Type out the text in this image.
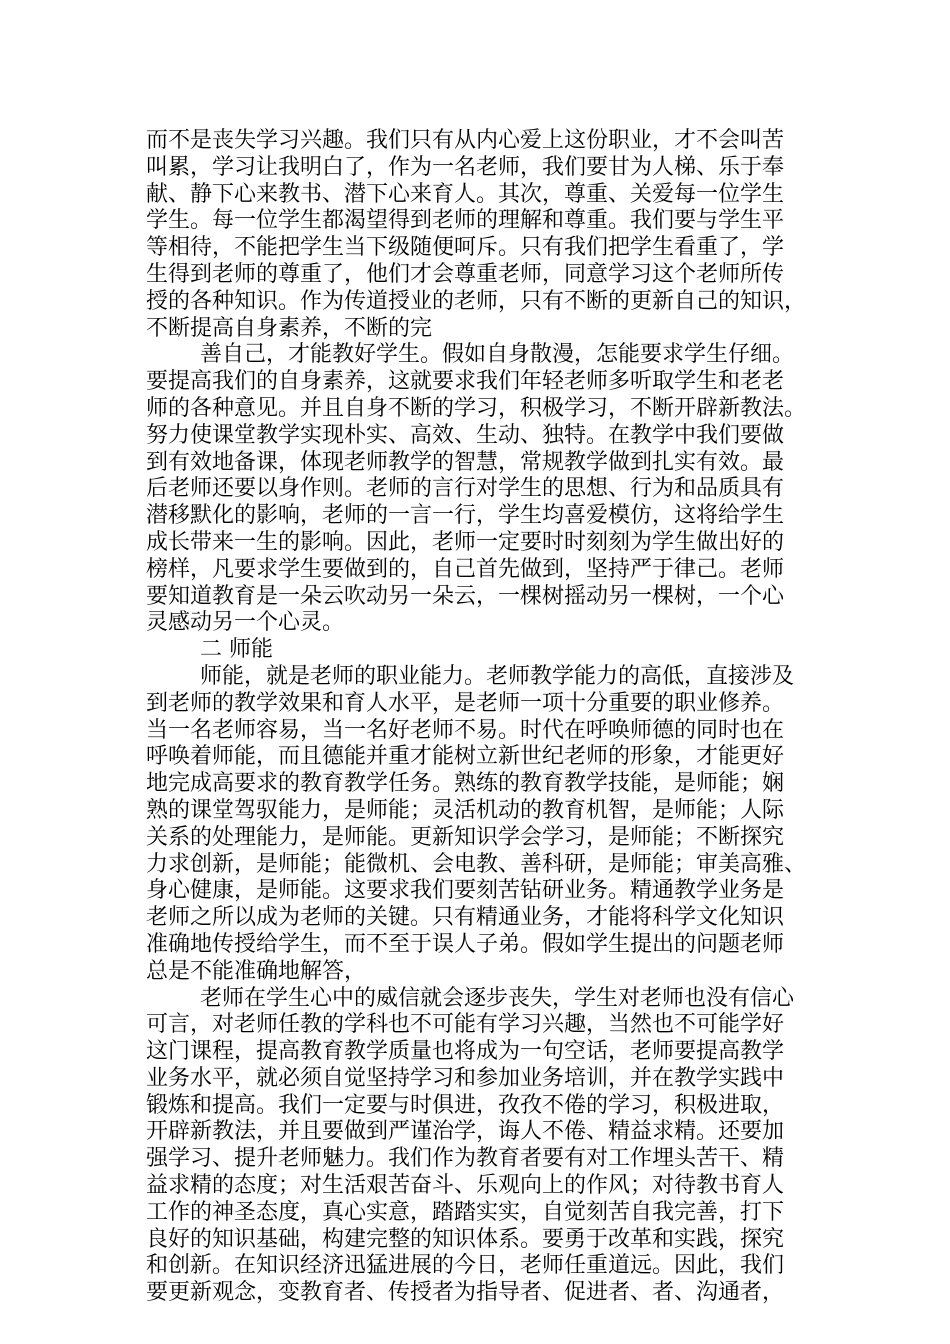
而不是丧失学习兴趣。我们只有从内心爱上这份职业，才不会叫苦

叫累，学习让我明白了，作为一名老师，我们要甘为人梯、乐于奉

献、静下心来教书、潜下心来育人。其次，尊重、关爱每一位学生

学生。每一位学生都渴望得到老师的理解和尊重。我们要与学生平

等相待，不能把学生当下级随便呵斥。只有我们把学生看重了，学

生得到老师的尊重了，他们才会尊重老师，同意学习这个老师所传

授的各种知识。作为传道授业的老师，只有不断的更新自己的知识，

不断提高自身素养，不断的完

善自己，才能教好学生。假如自身散漫，怎能要求学生仔细。

要提高我们的自身素养，这就要求我们年轻老师多听取学生和老老

师的各种意见。并且自身不断的学习，积极学习，不断开辟新教法。

努力使课堂教学实现朴实、高效、生动、独特。在教学中我们要做

到有效地备课，体现老师教学的智慧，常规教学做到扎实有效。最

后老师还要以身作则。老师的言行对学生的思想、行为和品质具有

潜移默化的影响，老师的一言一行，学生均喜爱模仿，这将给学生

成长带来一生的影响。因此，老师一定要时时刻刻为学生做出好的

榜样，凡要求学生要做到的，自己首先做到，坚持严于律己。老师

要知道教育是一朵云吹动另一朵云，一棵树摇动另一棵树，一个心

灵感动另一个心灵。

二 师能

师能，就是老师的职业能力。老师教学能力的高低，直接涉及

到老师的教学效果和育人水平，是老师一项十分重要的职业修养。

当一名老师容易，当一名好老师不易。时代在呼唤师德的同时也在

呼唤着师能，而且德能并重才能树立新世纪老师的形象，才能更好

地完成高要求的教育教学任务。熟练的教育教学技能，是师能；娴

熟的课堂驾驭能力，是师能；灵活机动的教育机智，是师能；人际

关系的处理能力，是师能。更新知识学会学习，是师能；不断探究

力求创新，是师能；能微机、会电教、善科研，是师能；审美高雅、

身心健康，是师能。这要求我们要刻苦钻研业务。精通教学业务是

老师之所以成为老师的关键。只有精通业务，才能将科学文化知识

准确地传授给学生，而不至于误人子弟。假如学生提出的问题老师

总是不能准确地解答，

老师在学生心中的威信就会逐步丧失，学生对老师也没有信心

可言，对老师任教的学科也不可能有学习兴趣，当然也不可能学好

这门课程，提高教育教学质量也将成为一句空话，老师要提高教学

业务水平，就必须自觉坚持学习和参加业务培训，并在教学实践中

锻炼和提高。我们一定要与时俱进，孜孜不倦的学习，积极进取，

开辟新教法，并且要做到严谨治学，诲人不倦、精益求精。还要加

强学习、提升老师魅力。我们作为教育者要有对工作埋头苦干、精

益求精的态度；对生活艰苦奋斗、乐观向上的作风；对待教书育人

工作的神圣态度，真心实意，踏踏实实，自觉刻苦自我完善，打下

良好的知识基础，构建完整的知识体系。要勇于改革和实践，探究

和创新。在知识经济迅猛进展的今日，老师任重道远。因此，我们

要更新观念，变教育者、传授者为指导者、促进者、者、沟通者，
